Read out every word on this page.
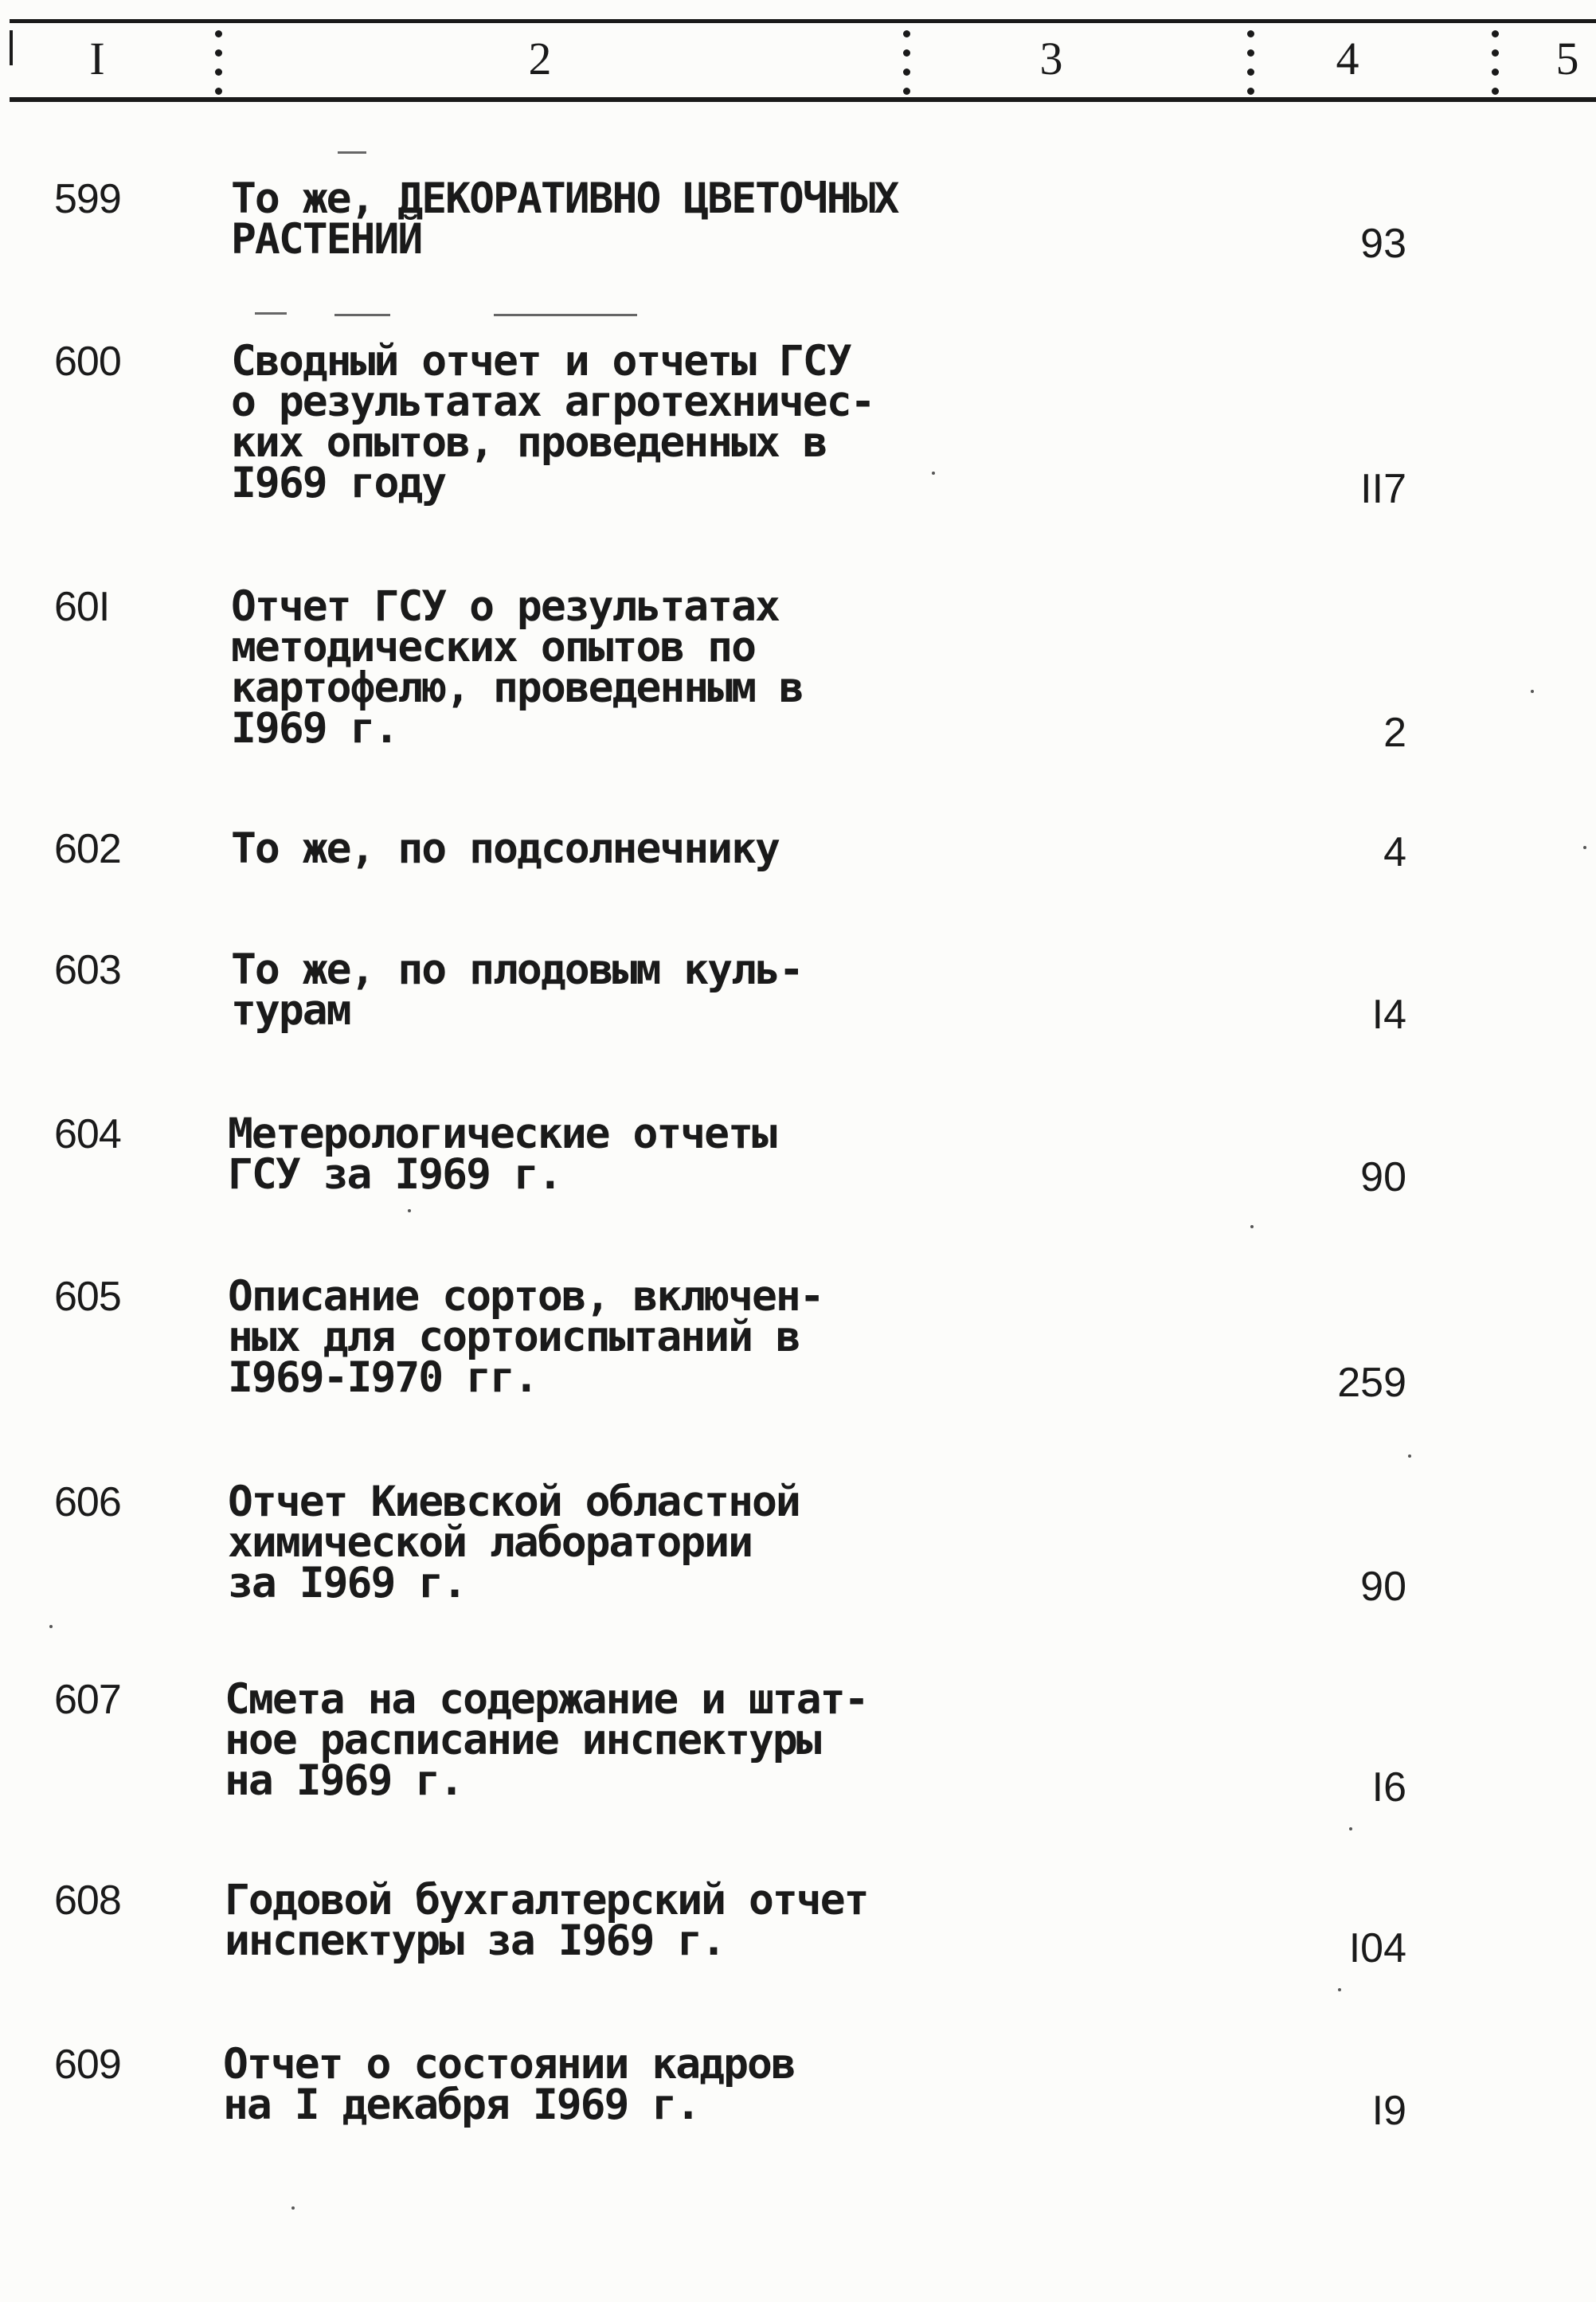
I	2	3	4	5
599	То же, ДЕКОРАТИВНО ЦВЕТОЧНЫХ
РАСТЕНИЙ	93
600	Сводный отчет и отчеты ГСУ
о результатах агротехничес-
ких опытов, проведенных в
I969 году	II7
60I	Отчет ГСУ о результатах
методических опытов по
картофелю, проведенным в
I969 г.	2
602	То же, по подсолнечнику	4
603	То же, по плодовым куль-
турам	I4
604	Метерологические отчеты
ГСУ за I969 г.	90
605	Описание сортов, включен-
ных для сортоиспытаний в
I969-I970 гг.	259
606	Отчет Киевской областной
химической лаборатории
за I969 г.	90
607 Смета на содержание и штат-
ное расписание инспектуры
на I969 г.	I6
608 Годовой бухгалтерский отчет
инспектуры за I969 г.	I04
609 Отчет о состоянии кадров
на I декабря I969 г.	I9
